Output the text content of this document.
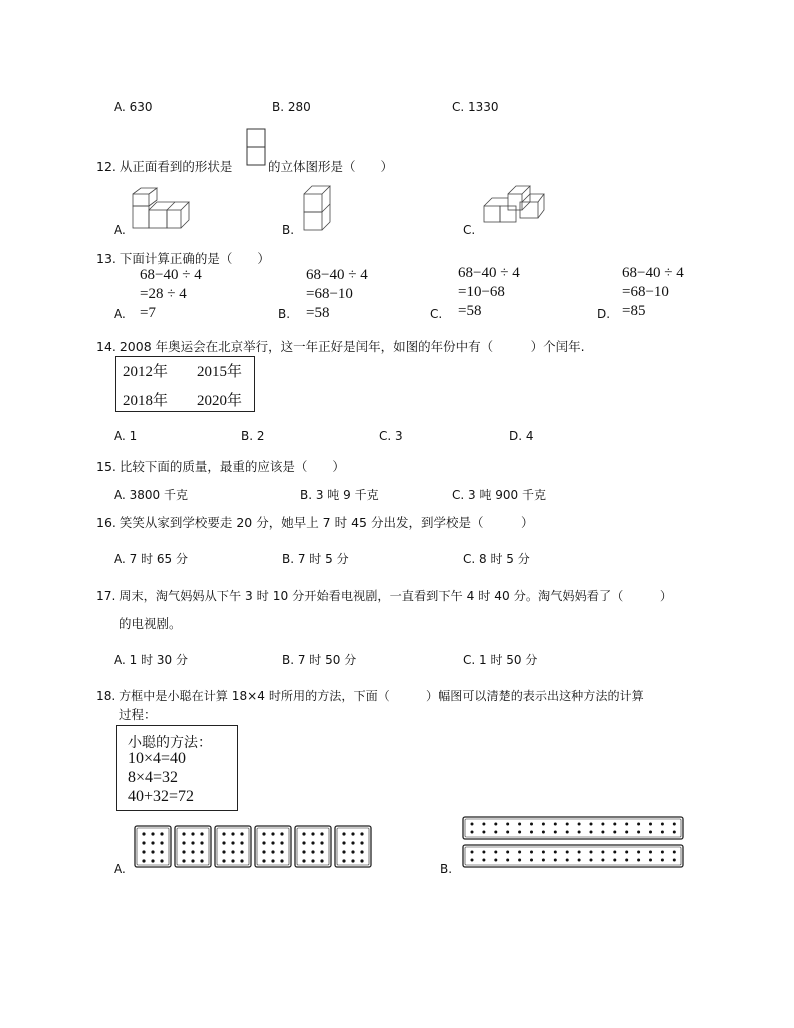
A. 630	B. 280	C. 1330
12. 从正面看到的形状是	的立体图形是（　　）
A.	B.	C.
13. 下面计算正确的是（　　）
A.
68−40 ÷ 4
=28 ÷ 4
=7	B.
68−40 ÷ 4
=68−10
=58	C.
68−40 ÷ 4
=10−68
=58	D.
68−40 ÷ 4
=68−10
=85
14. 2008 年奥运会在北京举行，这一年正好是闰年，如图的年份中有（　　　）个闰年.
2012年 2015年
2018年 2020年
A. 1	B. 2	C. 3	D. 4
15. 比较下面的质量，最重的应该是（　　）
A. 3800 千克	B. 3 吨 9 千克	C. 3 吨 900 千克
16. 笑笑从家到学校要走 20 分，她早上 7 时 45 分出发，到学校是（　　　）
A. 7 时 65 分	B. 7 时 5 分	C. 8 时 5 分
17. 周末，淘气妈妈从下午 3 时 10 分开始看电视剧，一直看到下午 4 时 40 分。淘气妈妈看了（　　　）
的电视剧。
A. 1 时 30 分	B. 7 时 50 分	C. 1 时 50 分
18. 方框中是小聪在计算 18×4 时所用的方法，下面（　　　）幅图可以清楚的表示出这种方法的计算
过程：
小聪的方法：
10×4=40
8×4=32
40+32=72
A.	B.
